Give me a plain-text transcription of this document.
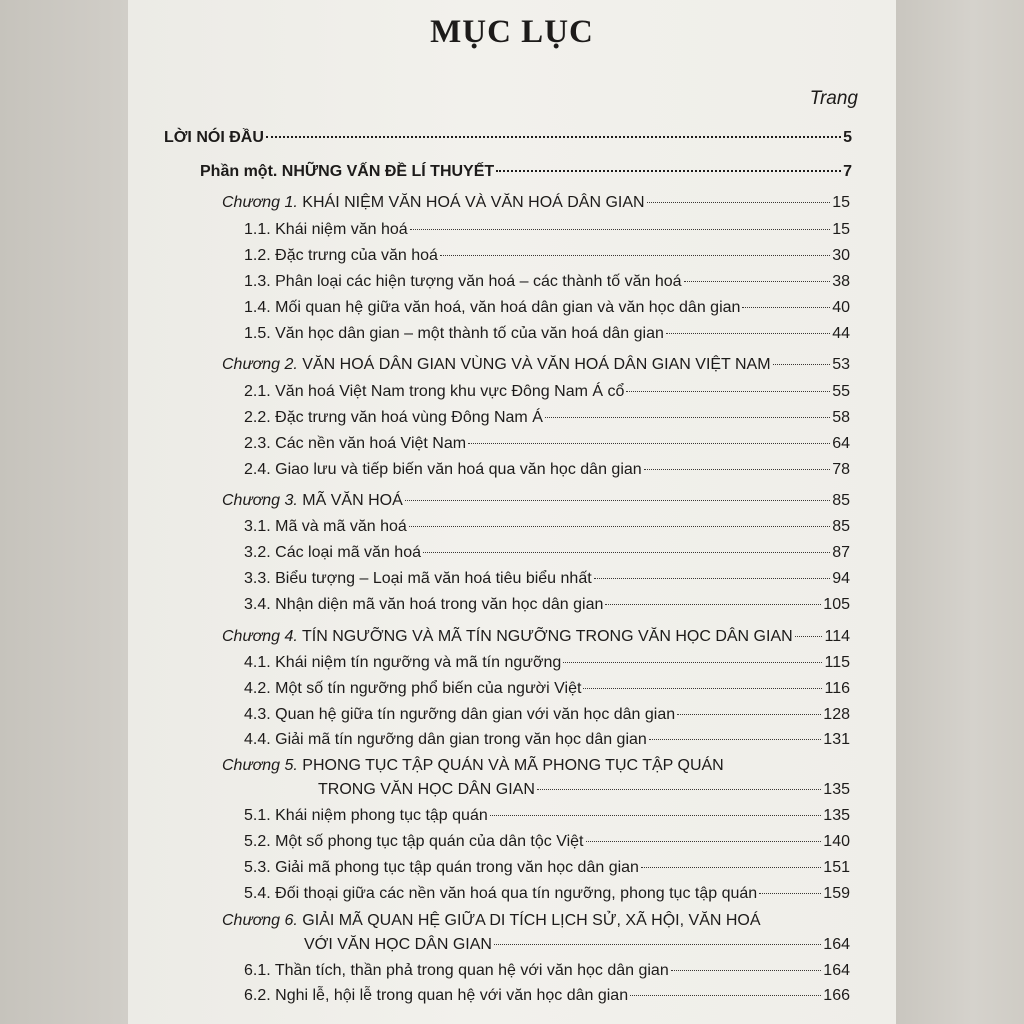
MỤC LỤC
Trang
LỜI NÓI ĐẦU	5
Phần một. NHỮNG VẤN ĐỀ LÍ THUYẾT	7
Chương 1. KHÁI NIỆM VĂN HOÁ VÀ VĂN HOÁ DÂN GIAN	15
1.1. Khái niệm văn hoá	15
1.2. Đặc trưng của văn hoá	30
1.3. Phân loại các hiện tượng văn hoá – các thành tố văn hoá	38
1.4. Mối quan hệ giữa văn hoá, văn hoá dân gian và văn học dân gian	40
1.5. Văn học dân gian – một thành tố của văn hoá dân gian	44
Chương 2. VĂN HOÁ DÂN GIAN VÙNG VÀ VĂN HOÁ DÂN GIAN VIỆT NAM	53
2.1. Văn hoá Việt Nam trong khu vực Đông Nam Á cổ	55
2.2. Đặc trưng văn hoá vùng Đông Nam Á	58
2.3. Các nền văn hoá Việt Nam	64
2.4. Giao lưu và tiếp biến văn hoá qua văn học dân gian	78
Chương 3. MÃ VĂN HOÁ	85
3.1. Mã và mã văn hoá	85
3.2. Các loại mã văn hoá	87
3.3. Biểu tượng – Loại mã văn hoá tiêu biểu nhất	94
3.4. Nhận diện mã văn hoá trong văn học dân gian	105
Chương 4. TÍN NGƯỠNG VÀ MÃ TÍN NGƯỠNG TRONG VĂN HỌC DÂN GIAN 114
4.1. Khái niệm tín ngưỡng và mã tín ngưỡng	115
4.2. Một số tín ngưỡng phổ biến của người Việt	116
4.3. Quan hệ giữa tín ngưỡng dân gian với văn học dân gian	128
4.4. Giải mã tín ngưỡng dân gian trong văn học dân gian	131
Chương 5. PHONG TỤC TẬP QUÁN VÀ MÃ PHONG TỤC TẬP QUÁN
TRONG VĂN HỌC DÂN GIAN	135
5.1. Khái niệm phong tục tập quán	135
5.2. Một số phong tục tập quán của dân tộc Việt	140
5.3. Giải mã phong tục tập quán trong văn học dân gian	151
5.4. Đối thoại giữa các nền văn hoá qua tín ngưỡng, phong tục tập quán	159
Chương 6. GIẢI MÃ QUAN HỆ GIỮA DI TÍCH LỊCH SỬ, XÃ HỘI, VĂN HOÁ
VỚI VĂN HỌC DÂN GIAN	164
6.1. Thần tích, thần phả trong quan hệ với văn học dân gian	164
6.2. Nghi lễ, hội lễ trong quan hệ với văn học dân gian	166
